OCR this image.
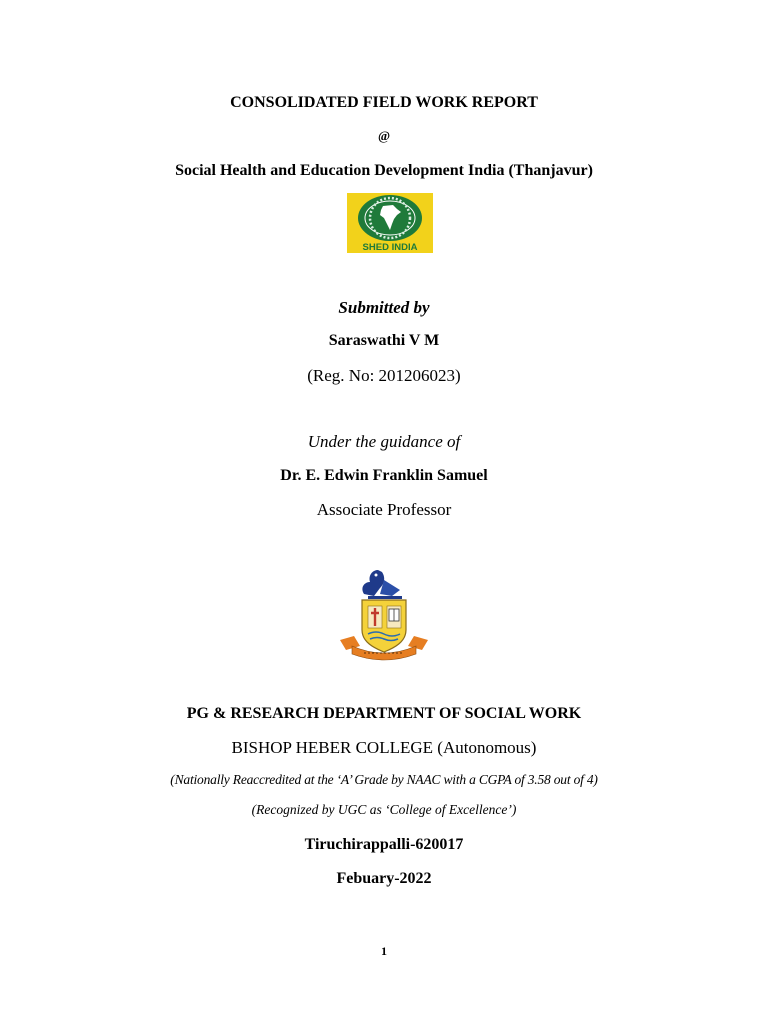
CONSOLIDATED FIELD WORK REPORT
@
Social Health and Education Development India (Thanjavur)
SHED INDIA
Submitted by
Saraswathi V M
(Reg. No: 201206023)
Under the guidance of
Dr. E. Edwin Franklin Samuel
Associate Professor
PG & RESEARCH DEPARTMENT OF SOCIAL WORK
BISHOP HEBER COLLEGE (Autonomous)
(Nationally Reaccredited at the ‘A’ Grade by NAAC with a CGPA of 3.58 out of 4)
(Recognized by UGC as ‘College of Excellence’)
Tiruchirappalli-620017
Febuary-2022
1
